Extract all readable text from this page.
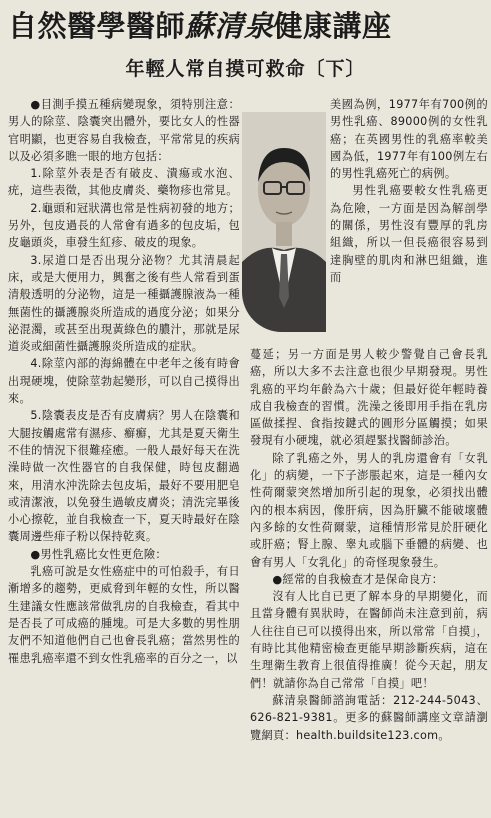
自然醫學醫師蘇清泉健康講座
年輕人常自摸可救命〔下〕

●目測手摸五種病變現象，須特別注意：男人的除莖、陰囊突出體外，要比女人的性器官明顯，也更容易自我檢查，平常常見的疾病以及必須多瞧一眼的地方包括：

1.除莖外表是否有破皮、潰瘍或水泡、疣，這些表徵，其他皮膚炎、藥物疹也常見。

2.龜頭和冠狀溝也常是性病初發的地方；另外，包皮過長的人常會有過多的包皮垢，包皮龜頭炎，車發生紅疹、破皮的現象。

3.尿道口是否出現分泌物？尤其清晨起床，或是大便用力，興奮之後有些人常看到蛋清般透明的分泌物，這是一種攝護腺液為一種無菌性的攝護腺炎所造成的過度分泌；如果分泌混濁，或甚至出現黃綠色的膿汁，那就是尿道炎或細菌性攝護腺炎所造成的症狀。

4.除莖內部的海綿體在中老年之後有時會出現硬塊，使除莖勃起變形，可以自己摸得出來。

5.陰囊表皮是否有皮膚病？男人在陰囊和大腿按觸處常有濕疹、癬癬，尤其是夏天衛生不佳的情況下很難痊癒。一般人最好每天在洗澡時做一次性器官的自我保健，時包皮翻過來，用清水沖洗除去包皮垢，最好不要用肥皂或清潔液，以免發生過敏皮膚炎；清洗完畢後小心擦乾，並自我檢查一下，夏天時最好在陰囊周邊些痱子粉以保持乾爽。

●男性乳癌比女性更危險：

乳癌可說是女性癌症中的可怕殺手，有日漸增多的趨勢，更威脅到年輕的女性，所以醫生建議女性應該常做乳房的自我檢查，看其中是否長了可成癌的腫塊。可是大多數的男性朋友們不知道他們自己也會長乳癌；當然男性的罹患乳癌率還不到女性乳癌率的百分之一，以

美國為例，1977年有700例的男性乳癌、89000例的女性乳癌；在英國男性的乳癌率較美國為低，1977年有100例左右的男性乳癌死亡的病例。

男性乳癌要較女性乳癌更為危險，一方面是因為解剖學的關係，男性沒有豐厚的乳房組織，所以一但長癌很容易到達胸壁的肌肉和淋巴組織，進而

蔓延；另一方面是男人較少警覺自己會長乳癌，所以大多不去注意也很少早期發現。男性乳癌的平均年齡為六十歲；但最好從年輕時養成自我檢查的習慣。洗澡之後即用手指在乳房區做揉捏、食指按鍵式的圓形分區觸摸；如果發現有小硬塊，就必須趕緊找醫師診治。

除了乳癌之外，男人的乳房還會有「女乳化」的病變，一下子澎脹起來，這是一種內女性荷爾蒙突然增加所引起的現象，必須找出體內的根本病因，像肝病，因為肝臟不能破壞體內多餘的女性荷爾蒙，這種情形常見於肝硬化或肝癌；腎上腺、睾丸或腦下垂體的病變、也會有男人「女乳化」的奇怪現象發生。

●經常的自我檢查才是保命良方：

沒有人比自已更了解本身的早期變化，而且當身體有異狀時，在醫師尚未注意到前，病人往往自已可以摸得出來，所以常常「自摸」，有時比其他精密檢查更能早期診斷疾病，這在生理衛生教育上很值得推廣！從今天起，朋友們！就請你為自己常常「自摸」吧！

蘇清泉醫師諮詢電話：212-244-5043、626-821-9381。更多的蘇醫師講座文章請瀏覽網頁：health.buildsite123.com。
